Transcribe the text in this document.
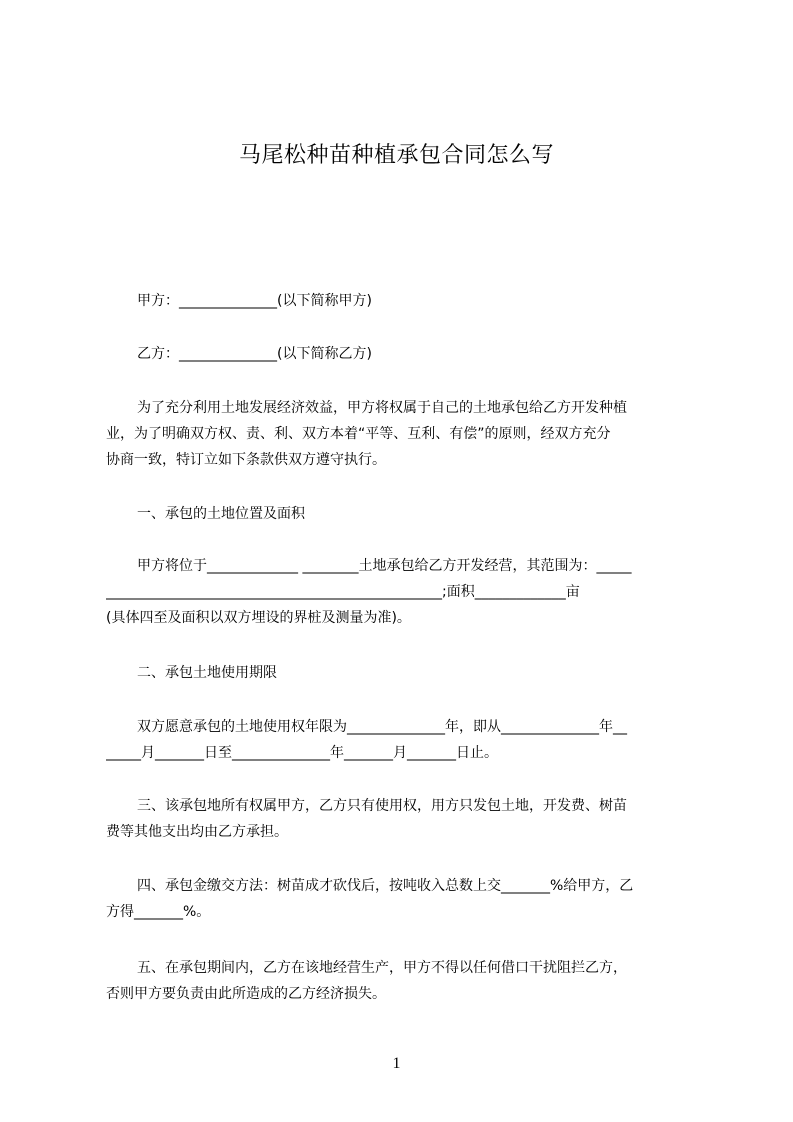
马尾松种苗种植承包合同怎么写
甲方：______________(以下简称甲方)
乙方：______________(以下简称乙方)
为了充分利用土地发展经济效益，甲方将权属于自己的土地承包给乙方开发种植
业，为了明确双方权、责、利、双方本着“平等、互利、有偿”的原则，经双方充分
协商一致，特订立如下条款供双方遵守执行。
一、承包的土地位置及面积
甲方将位于_____________ ________土地承包给乙方开发经营，其范围为：_____
________________________________________________;面积_____________亩
(具体四至及面积以双方埋设的界桩及测量为准)。
二、承包土地使用期限
双方愿意承包的土地使用权年限为______________年，即从______________年__
_____月_______日至______________年_______月_______日止。
三、该承包地所有权属甲方，乙方只有使用权，用方只发包土地，开发费、树苗
费等其他支出均由乙方承担。
四、承包金缴交方法：树苗成才砍伐后，按吨收入总数上交_______%给甲方，乙
方得_______%。
五、在承包期间内，乙方在该地经营生产，甲方不得以任何借口干扰阻拦乙方，
否则甲方要负责由此所造成的乙方经济损失。
1
